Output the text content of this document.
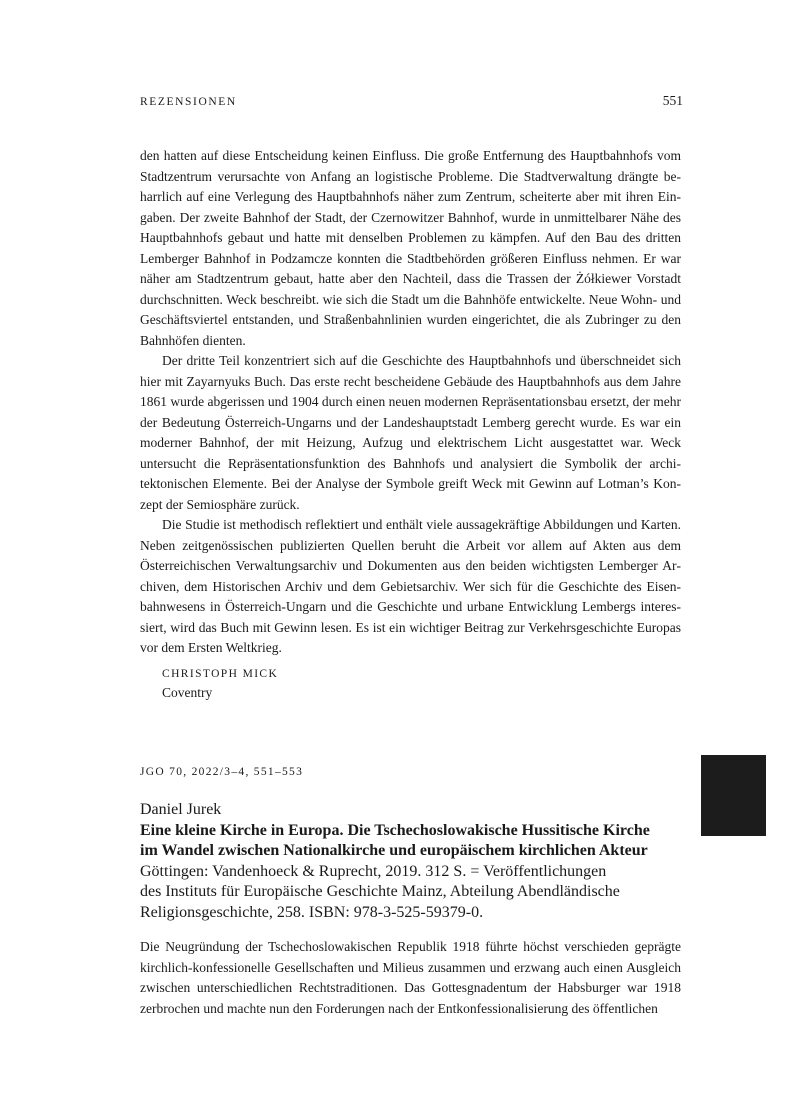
REZENSIONEN	551

den hatten auf diese Entscheidung keinen Einfluss. Die große Entfernung des Hauptbahnhofs vom Stadtzentrum verursachte von Anfang an logistische Probleme. Die Stadtverwaltung drängte beharrlich auf eine Verlegung des Hauptbahnhofs näher zum Zentrum, scheiterte aber mit ihren Eingaben. Der zweite Bahnhof der Stadt, der Czernowitzer Bahnhof, wurde in unmittelbarer Nähe des Hauptbahnhofs gebaut und hatte mit denselben Problemen zu kämpfen. Auf den Bau des dritten Lemberger Bahnhof in Podzamcze konnten die Stadtbehörden größeren Einfluss nehmen. Er war näher am Stadtzentrum gebaut, hatte aber den Nachteil, dass die Trassen der Żółkiewer Vorstadt durchschnitten. Weck beschreibt. wie sich die Stadt um die Bahnhöfe entwickelte. Neue Wohn- und Geschäftsviertel entstanden, und Straßenbahnlinien wurden eingerichtet, die als Zubringer zu den Bahnhöfen dienten.

Der dritte Teil konzentriert sich auf die Geschichte des Hauptbahnhofs und überschneidet sich hier mit Zayarnyuks Buch. Das erste recht bescheidene Gebäude des Hauptbahnhofs aus dem Jahre 1861 wurde abgerissen und 1904 durch einen neuen modernen Repräsentationsbau ersetzt, der mehr der Bedeutung Österreich-Ungarns und der Landeshauptstadt Lemberg gerecht wurde. Es war ein moderner Bahnhof, der mit Heizung, Aufzug und elektrischem Licht ausgestattet war. Weck untersucht die Repräsentationsfunktion des Bahnhofs und analysiert die Symbolik der architektonischen Elemente. Bei der Analyse der Symbole greift Weck mit Gewinn auf Lotman’s Konzept der Semiosphäre zurück.

Die Studie ist methodisch reflektiert und enthält viele aussagekräftige Abbildungen und Karten. Neben zeitgenössischen publizierten Quellen beruht die Arbeit vor allem auf Akten aus dem Österreichischen Verwaltungsarchiv und Dokumenten aus den beiden wichtigsten Lemberger Archiven, dem Historischen Archiv und dem Gebietsarchiv. Wer sich für die Geschichte des Eisenbahnwesens in Österreich-Ungarn und die Geschichte und urbane Entwicklung Lembergs interessiert, wird das Buch mit Gewinn lesen. Es ist ein wichtiger Beitrag zur Verkehrsgeschichte Europas vor dem Ersten Weltkrieg.

CHRISTOPH MICK
Coventry
JGO 70, 2022/3–4, 551–553
Daniel Jurek
Eine kleine Kirche in Europa. Die Tschechoslowakische Hussitische Kirche
im Wandel zwischen Nationalkirche und europäischem kirchlichen Akteur
Göttingen: Vandenhoeck & Ruprecht, 2019. 312 S. = Veröffentlichungen
des Instituts für Europäische Geschichte Mainz, Abteilung Abendländische
Religionsgeschichte, 258. ISBN: 978-3-525-59379-0.

Die Neugründung der Tschechoslowakischen Republik 1918 führte höchst verschieden geprägte kirchlich-konfessionelle Gesellschaften und Milieus zusammen und erzwang auch einen Ausgleich zwischen unterschiedlichen Rechtstraditionen. Das Gottesgnadentum der Habsburger war 1918 zerbrochen und machte nun den Forderungen nach der Entkonfessionalisierung des öffentlichen
